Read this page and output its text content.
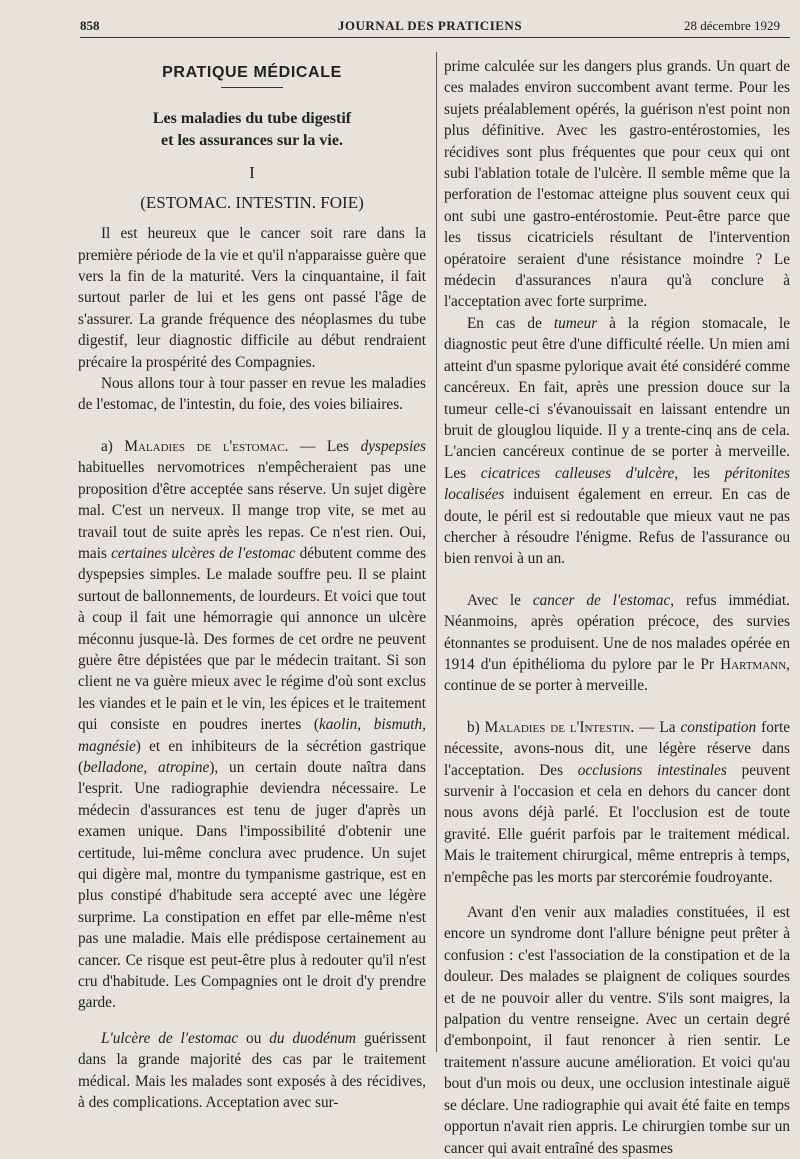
858	JOURNAL DES PRATICIENS	28 décembre 1929
PRATIQUE MÉDICALE
Les maladies du tube digestif
et les assurances sur la vie.
I
(ESTOMAC. INTESTIN. FOIE)

Il est heureux que le cancer soit rare dans la première période de la vie et qu'il n'apparaisse guère que vers la fin de la maturité. Vers la cinquantaine, il fait surtout parler de lui et les gens ont passé l'âge de s'assurer. La grande fréquence des néoplasmes du tube digestif, leur diagnostic difficile au début rendraient précaire la prospérité des Compagnies.

Nous allons tour à tour passer en revue les maladies de l'estomac, de l'intestin, du foie, des voies biliaires.

a) Maladies de l'estomac. — Les dyspepsies habituelles nervomotrices n'empêcheraient pas une proposition d'être acceptée sans réserve. Un sujet digère mal. C'est un nerveux. Il mange trop vite, se met au travail tout de suite après les repas. Ce n'est rien. Oui, mais certaines ulcères de l'estomac débutent comme des dyspepsies simples. Le malade souffre peu. Il se plaint surtout de ballonnements, de lourdeurs. Et voici que tout à coup il fait une hémorragie qui annonce un ulcère méconnu jusque-là. Des formes de cet ordre ne peuvent guère être dépistées que par le médecin traitant. Si son client ne va guère mieux avec le régime d'où sont exclus les viandes et le pain et le vin, les épices et le traitement qui consiste en poudres inertes (kaolin, bismuth, magnésie) et en inhibiteurs de la sécrétion gastrique (belladone, atropine), un certain doute naîtra dans l'esprit. Une radiographie deviendra nécessaire. Le médecin d'assurances est tenu de juger d'après un examen unique. Dans l'impossibilité d'obtenir une certitude, lui-même conclura avec prudence. Un sujet qui digère mal, montre du tympanisme gastrique, est en plus constipé d'habitude sera accepté avec une légère surprime. La constipation en effet par elle-même n'est pas une maladie. Mais elle prédispose certainement au cancer. Ce risque est peut-être plus à redouter qu'il n'est cru d'habitude. Les Compagnies ont le droit d'y prendre garde.

L'ulcère de l'estomac ou du duodénum guérissent dans la grande majorité des cas par le traitement médical. Mais les malades sont exposés à des récidives, à des complications. Acceptation avec sur-

prime calculée sur les dangers plus grands. Un quart de ces malades environ succombent avant terme. Pour les sujets préalablement opérés, la guérison n'est point non plus définitive. Avec les gastro-entérostomies, les récidives sont plus fréquentes que pour ceux qui ont subi l'ablation totale de l'ulcère. Il semble même que la perforation de l'estomac atteigne plus souvent ceux qui ont subi une gastro-entérostomie. Peut-être parce que les tissus cicatriciels résultant de l'intervention opératoire seraient d'une résistance moindre ? Le médecin d'assurances n'aura qu'à conclure à l'acceptation avec forte surprime.

En cas de tumeur à la région stomacale, le diagnostic peut être d'une difficulté réelle. Un mien ami atteint d'un spasme pylorique avait été considéré comme cancéreux. En fait, après une pression douce sur la tumeur celle-ci s'évanouissait en laissant entendre un bruit de glouglou liquide. Il y a trente-cinq ans de cela. L'ancien cancéreux continue de se porter à merveille. Les cicatrices calleuses d'ulcère, les péritonites localisées induisent également en erreur. En cas de doute, le péril est si redoutable que mieux vaut ne pas chercher à résoudre l'énigme. Refus de l'assurance ou bien renvoi à un an.

Avec le cancer de l'estomac, refus immédiat. Néanmoins, après opération précoce, des survies étonnantes se produisent. Une de nos malades opérée en 1914 d'un épithélioma du pylore par le Pr Hartmann, continue de se porter à merveille.

b) Maladies de l'Intestin. — La constipation forte nécessite, avons-nous dit, une légère réserve dans l'acceptation. Des occlusions intestinales peuvent survenir à l'occasion et cela en dehors du cancer dont nous avons déjà parlé. Et l'occlusion est de toute gravité. Elle guérit parfois par le traitement médical. Mais le traitement chirurgical, même entrepris à temps, n'empêche pas les morts par stercorémie foudroyante.

Avant d'en venir aux maladies constituées, il est encore un syndrome dont l'allure bénigne peut prêter à confusion : c'est l'association de la constipation et de la douleur. Des malades se plaignent de coliques sourdes et de ne pouvoir aller du ventre. S'ils sont maigres, la palpation du ventre renseigne. Avec un certain degré d'embonpoint, il faut renoncer à rien sentir. Le traitement n'assure aucune amélioration. Et voici qu'au bout d'un mois ou deux, une occlusion intestinale aiguë se déclare. Une radiographie qui avait été faite en temps opportun n'avait rien appris. Le chirurgien tombe sur un cancer qui avait entraîné des spasmes
